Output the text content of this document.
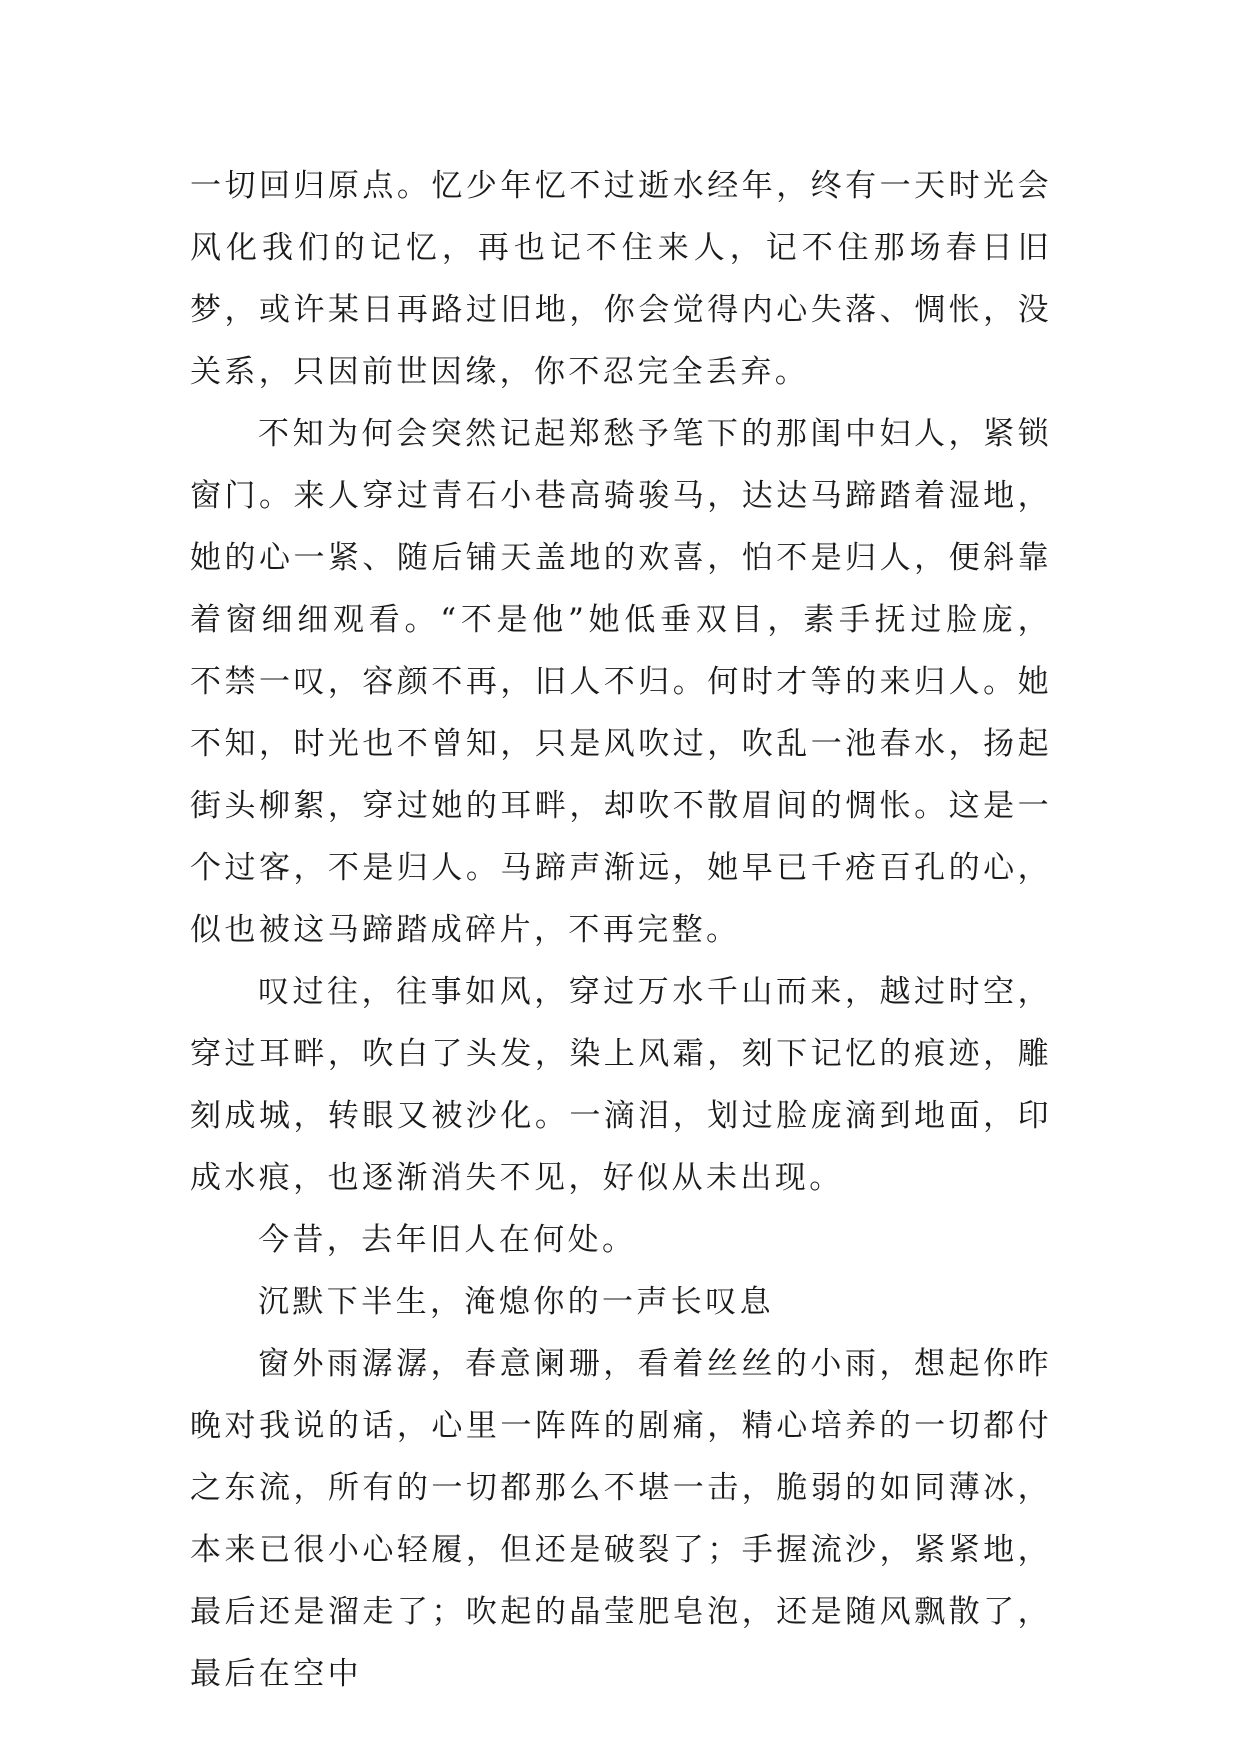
一切回归原点。忆少年忆不过逝水经年，终有一天时光会风化我们的记忆，再也记不住来人，记不住那场春日旧梦，或许某日再路过旧地，你会觉得内心失落、惆怅，没关系，只因前世因缘，你不忍完全丢弃。

不知为何会突然记起郑愁予笔下的那闺中妇人，紧锁窗门。来人穿过青石小巷高骑骏马，达达马蹄踏着湿地，她的心一紧、随后铺天盖地的欢喜，怕不是归人，便斜靠着窗细细观看。“不是他”她低垂双目，素手抚过脸庞，不禁一叹，容颜不再，旧人不归。何时才等的来归人。她不知，时光也不曾知，只是风吹过，吹乱一池春水，扬起街头柳絮，穿过她的耳畔，却吹不散眉间的惆怅。这是一个过客，不是归人。马蹄声渐远，她早已千疮百孔的心，似也被这马蹄踏成碎片，不再完整。

叹过往，往事如风，穿过万水千山而来，越过时空，穿过耳畔，吹白了头发，染上风霜，刻下记忆的痕迹，雕刻成城，转眼又被沙化。一滴泪，划过脸庞滴到地面，印成水痕，也逐渐消失不见，好似从未出现。

今昔，去年旧人在何处。

沉默下半生，淹熄你的一声长叹息

窗外雨潺潺，春意阑珊，看着丝丝的小雨，想起你昨晚对我说的话，心里一阵阵的剧痛，精心培养的一切都付之东流，所有的一切都那么不堪一击，脆弱的如同薄冰，本来已很小心轻履，但还是破裂了；手握流沙，紧紧地，最后还是溜走了；吹起的晶莹肥皂泡，还是随风飘散了，最后在空中
